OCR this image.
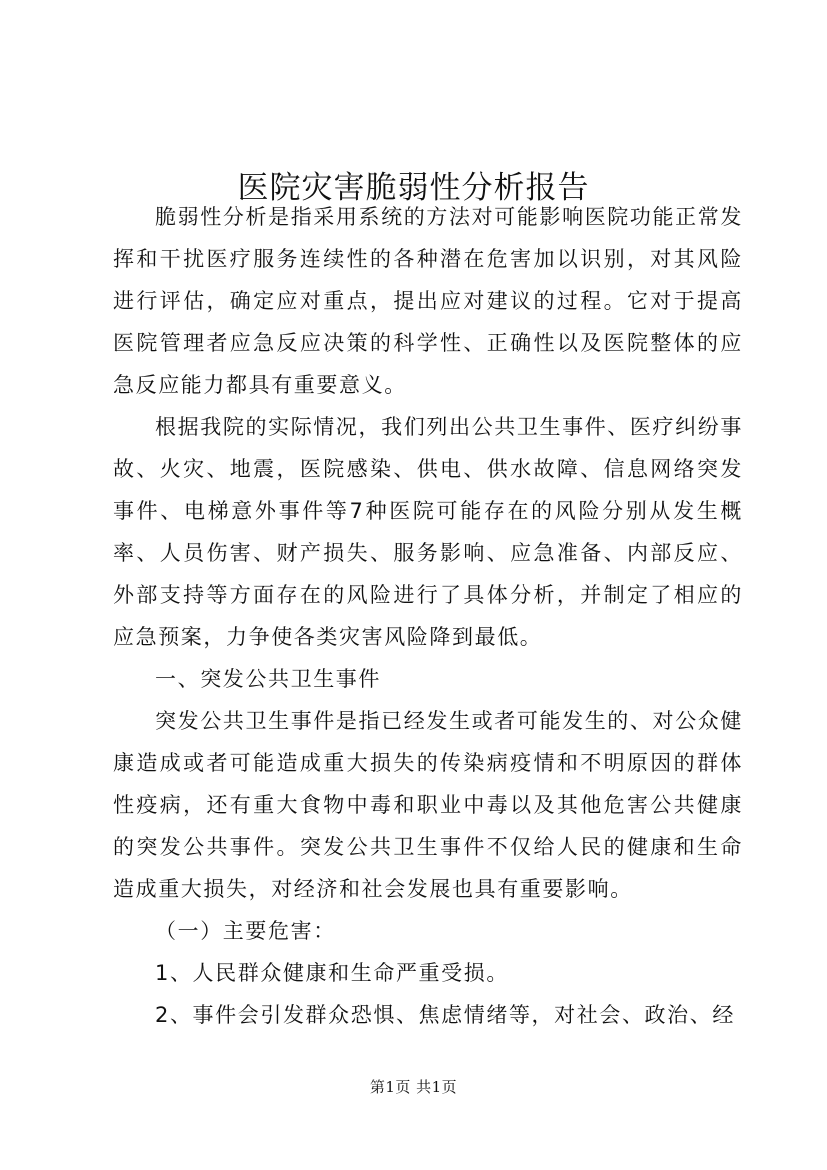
医院灾害脆弱性分析报告

脆弱性分析是指采用系统的方法对可能影响医院功能正常发挥和干扰医疗服务连续性的各种潜在危害加以识别，对其风险进行评估，确定应对重点，提出应对建议的过程。它对于提高医院管理者应急反应决策的科学性、正确性以及医院整体的应急反应能力都具有重要意义。

根据我院的实际情况，我们列出公共卫生事件、医疗纠纷事故、火灾、地震，医院感染、供电、供水故障、信息网络突发事件、电梯意外事件等7种医院可能存在的风险分别从发生概率、人员伤害、财产损失、服务影响、应急准备、内部反应、外部支持等方面存在的风险进行了具体分析，并制定了相应的应急预案，力争使各类灾害风险降到最低。

一、突发公共卫生事件

突发公共卫生事件是指已经发生或者可能发生的、对公众健康造成或者可能造成重大损失的传染病疫情和不明原因的群体性疫病，还有重大食物中毒和职业中毒以及其他危害公共健康的突发公共事件。突发公共卫生事件不仅给人民的健康和生命造成重大损失，对经济和社会发展也具有重要影响。

（一）主要危害：

1、人民群众健康和生命严重受损。

2、事件会引发群众恐惧、焦虑情绪等，对社会、政治、经

第1页 共1页
